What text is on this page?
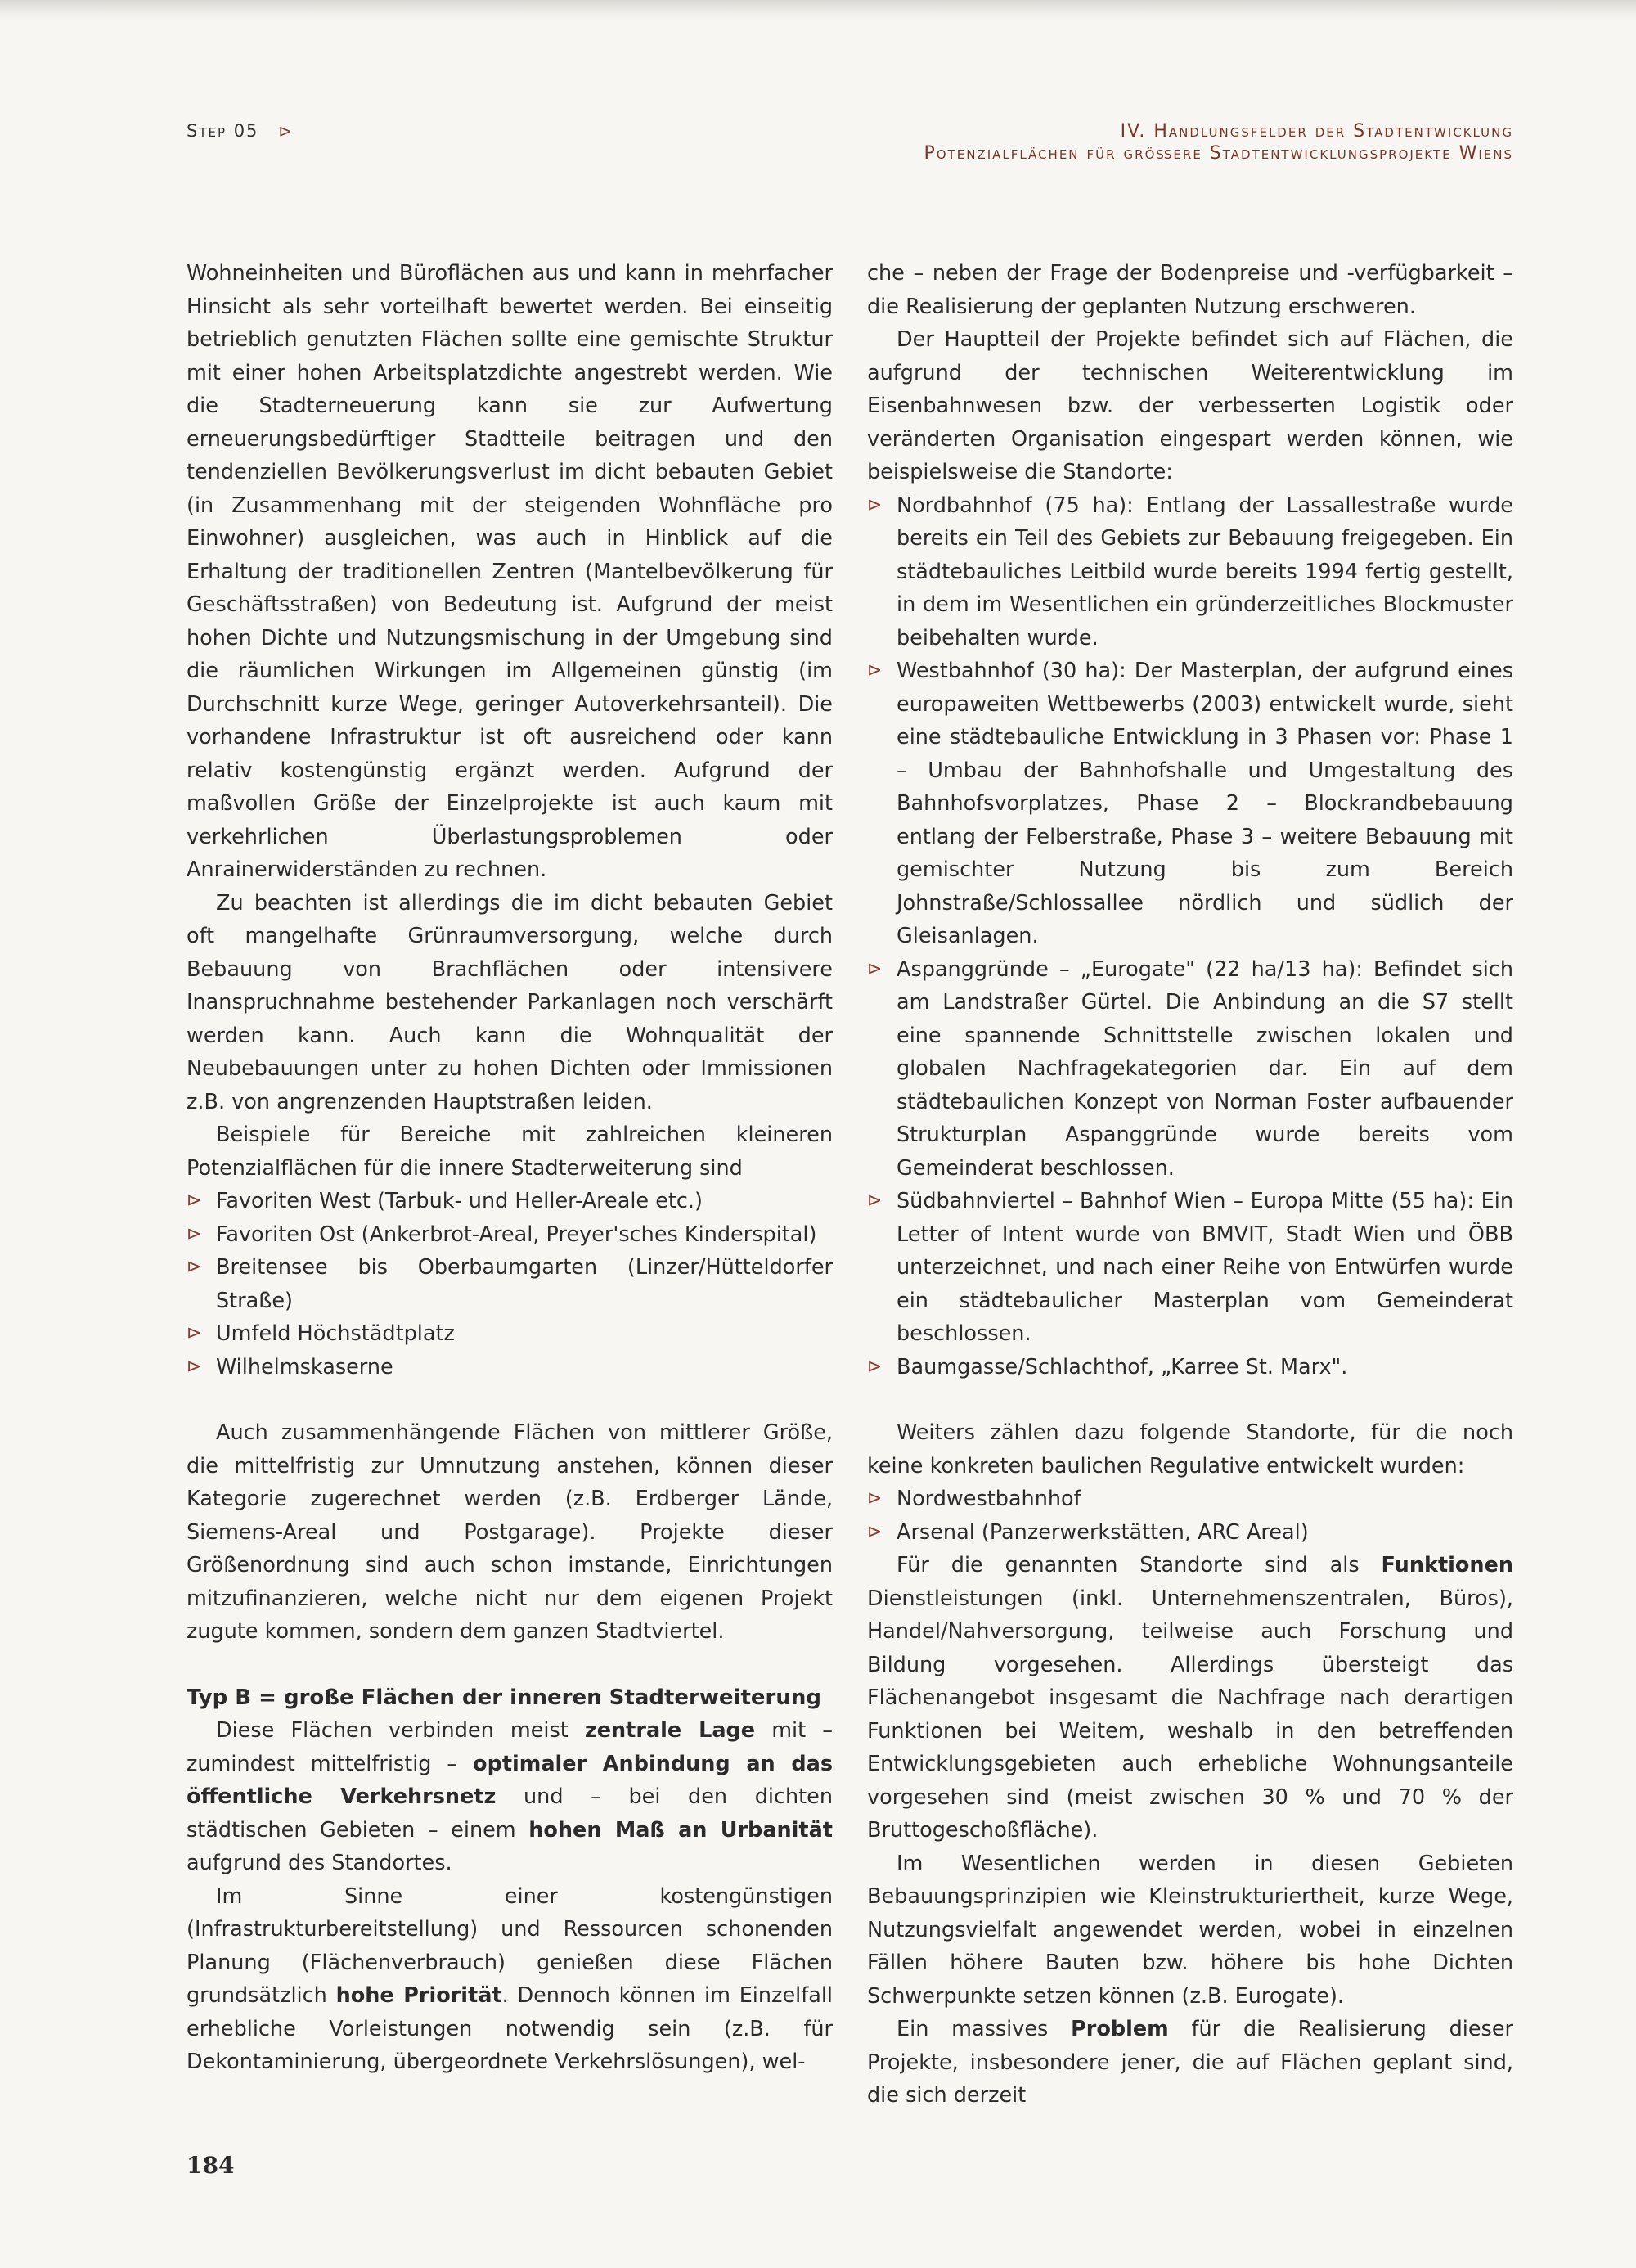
Step 05 ⊳	IV. Handlungsfelder der Stadtentwicklung
Potenzialflächen für größere Stadtentwicklungsprojekte Wiens

Wohneinheiten und Büroflächen aus und kann in mehrfacher Hinsicht als sehr vorteilhaft bewertet werden. Bei einseitig betrieblich genutzten Flächen sollte eine gemischte Struktur mit einer hohen Arbeitsplatzdichte angestrebt werden. Wie die Stadterneuerung kann sie zur Aufwertung erneuerungsbedürftiger Stadtteile beitragen und den tendenziellen Bevölkerungsverlust im dicht bebauten Gebiet (in Zusammenhang mit der steigenden Wohnfläche pro Einwohner) ausgleichen, was auch in Hinblick auf die Erhaltung der traditionellen Zentren (Mantelbevölkerung für Geschäftsstraßen) von Bedeutung ist. Aufgrund der meist hohen Dichte und Nutzungsmischung in der Umgebung sind die räumlichen Wirkungen im Allgemeinen günstig (im Durchschnitt kurze Wege, geringer Autoverkehrsanteil). Die vorhandene Infrastruktur ist oft ausreichend oder kann relativ kostengünstig ergänzt werden. Aufgrund der maßvollen Größe der Einzelprojekte ist auch kaum mit verkehrlichen Überlastungsproblemen oder Anrainerwiderständen zu rechnen.

Zu beachten ist allerdings die im dicht bebauten Gebiet oft mangelhafte Grünraumversorgung, welche durch Bebauung von Brachflächen oder intensivere Inanspruchnahme bestehender Parkanlagen noch verschärft werden kann. Auch kann die Wohnqualität der Neubebauungen unter zu hohen Dichten oder Immissionen z.B. von angrenzenden Hauptstraßen leiden.

Beispiele für Bereiche mit zahlreichen kleineren Potenzialflächen für die innere Stadterweiterung sind

⊳ Favoriten West (Tarbuk- und Heller-Areale etc.)
⊳ Favoriten Ost (Ankerbrot-Areal, Preyer'sches Kinderspital)
⊳ Breitensee bis Oberbaumgarten (Linzer/Hütteldorfer Straße)
⊳ Umfeld Höchstädtplatz
⊳ Wilhelmskaserne

Auch zusammenhängende Flächen von mittlerer Größe, die mittelfristig zur Umnutzung anstehen, können dieser Kategorie zugerechnet werden (z.B. Erdberger Lände, Siemens-Areal und Postgarage). Projekte dieser Größenordnung sind auch schon imstande, Einrichtungen mitzufinanzieren, welche nicht nur dem eigenen Projekt zugute kommen, sondern dem ganzen Stadtviertel.

Typ B = große Flächen der inneren Stadterweiterung

Diese Flächen verbinden meist zentrale Lage mit – zumindest mittelfristig – optimaler Anbindung an das öffentliche Verkehrsnetz und – bei den dichten städtischen Gebieten – einem hohen Maß an Urbanität aufgrund des Standortes.

Im Sinne einer kostengünstigen (Infrastrukturbereitstellung) und Ressourcen schonenden Planung (Flächenverbrauch) genießen diese Flächen grundsätzlich hohe Priorität. Dennoch können im Einzelfall erhebliche Vorleistungen notwendig sein (z.B. für Dekontaminierung, übergeordnete Verkehrslösungen), wel-

che – neben der Frage der Bodenpreise und -verfügbarkeit – die Realisierung der geplanten Nutzung erschweren.

Der Hauptteil der Projekte befindet sich auf Flächen, die aufgrund der technischen Weiterentwicklung im Eisenbahnwesen bzw. der verbesserten Logistik oder veränderten Organisation eingespart werden können, wie beispielsweise die Standorte:

⊳ Nordbahnhof (75 ha): Entlang der Lassallestraße wurde bereits ein Teil des Gebiets zur Bebauung freigegeben. Ein städtebauliches Leitbild wurde bereits 1994 fertig gestellt, in dem im Wesentlichen ein gründerzeitliches Blockmuster beibehalten wurde.
⊳ Westbahnhof (30 ha): Der Masterplan, der aufgrund eines europaweiten Wettbewerbs (2003) entwickelt wurde, sieht eine städtebauliche Entwicklung in 3 Phasen vor: Phase 1 – Umbau der Bahnhofshalle und Umgestaltung des Bahnhofsvorplatzes, Phase 2 – Blockrandbebauung entlang der Felberstraße, Phase 3 – weitere Bebauung mit gemischter Nutzung bis zum Bereich Johnstraße/Schlossallee nördlich und südlich der Gleisanlagen.
⊳ Aspanggründe – „Eurogate" (22 ha/13 ha): Befindet sich am Landstraßer Gürtel. Die Anbindung an die S7 stellt eine spannende Schnittstelle zwischen lokalen und globalen Nachfragekategorien dar. Ein auf dem städtebaulichen Konzept von Norman Foster aufbauender Strukturplan Aspanggründe wurde bereits vom Gemeinderat beschlossen.
⊳ Südbahnviertel – Bahnhof Wien – Europa Mitte (55 ha): Ein Letter of Intent wurde von BMVIT, Stadt Wien und ÖBB unterzeichnet, und nach einer Reihe von Entwürfen wurde ein städtebaulicher Masterplan vom Gemeinderat beschlossen.
⊳ Baumgasse/Schlachthof, „Karree St. Marx".

Weiters zählen dazu folgende Standorte, für die noch keine konkreten baulichen Regulative entwickelt wurden:

⊳ Nordwestbahnhof
⊳ Arsenal (Panzerwerkstätten, ARC Areal)

Für die genannten Standorte sind als Funktionen Dienstleistungen (inkl. Unternehmenszentralen, Büros), Handel/Nahversorgung, teilweise auch Forschung und Bildung vorgesehen. Allerdings übersteigt das Flächenangebot insgesamt die Nachfrage nach derartigen Funktionen bei Weitem, weshalb in den betreffenden Entwicklungsgebieten auch erhebliche Wohnungsanteile vorgesehen sind (meist zwischen 30 % und 70 % der Bruttogeschoßfläche).

Im Wesentlichen werden in diesen Gebieten Bebauungsprinzipien wie Kleinstrukturiertheit, kurze Wege, Nutzungsvielfalt angewendet werden, wobei in einzelnen Fällen höhere Bauten bzw. höhere bis hohe Dichten Schwerpunkte setzen können (z.B. Eurogate).

Ein massives Problem für die Realisierung dieser Projekte, insbesondere jener, die auf Flächen geplant sind, die sich derzeit

184
